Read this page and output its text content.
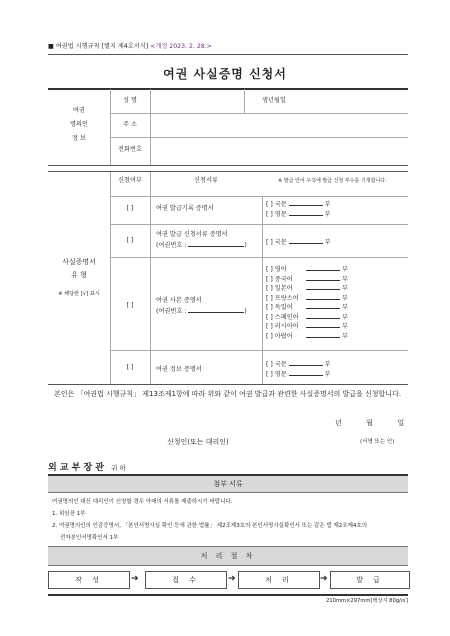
■ 여권법 시행규칙 [별지 제4호서식] <개정 2023. 2. 28.>
여권 사실증명 신청서
여권
명의인
정 보
성 명	생년월일
주 소
전화번호
신청여부	신청서류	※ 발급 언어 우측에 발급 신청 부수를 기재합니다.
사실증명서
유 형
※ 해당란 [√] 표시
[ ]	여권 발급기록 증명서
[ ] 국문	부
[ ] 영문	부
[ ]
여권 발급 신청서류 증명서
(여권번호 :	)	[ ] 국문	부
[ ]
여권 사본 증명서
(여권번호 :	)
[ ] 영어	부
[ ] 중국어	부
[ ] 일본어	부
[ ] 프랑스어	부
[ ] 독일어	부
[ ] 스페인어	부
[ ] 러시아어	부
[ ] 아랍어	부
[ ]	여권 정보 증명서
[ ] 국문	부
[ ] 영문	부
본인은 「여권법 시행규칙」 제13조제1항에 따라 위와 같이 여권 발급과 관련한 사실증명서의 발급을 신청합니다.
년	월	일
신청인(또는 대리인)	(서명 또는 인)
외 교 부 장 관 귀 하
첨부 서류
여권명의인 대신 대리인이 신청할 경우 아래의 서류를 제출하시기 바랍니다.
1. 위임장 1부
2. 여권명의인의 인감증명서, 「본인서명사실 확인 등에 관한 법률」 제2조제3호의 본인서명사실확인서 또는 같은 법 제2조제4호의
전자본인서명확인서 1부
처 리 절 차
작 성	➔	접 수	➔	처 리	➔	발 급
210mm×297mm[백상지 80g/㎡]
